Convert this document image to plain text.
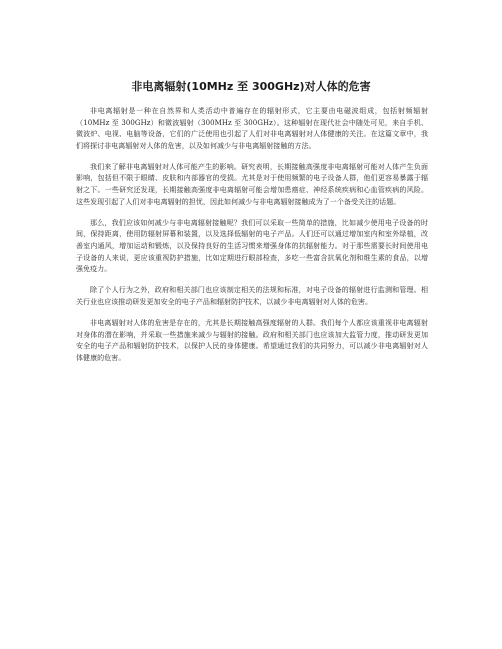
非电离辐射(10MHz 至 300GHz)对人体的危害

非电离辐射是一种在自然界和人类活动中普遍存在的辐射形式，它主要由电磁波组成，包括射频辐射（10MHz 至 300GHz）和微波辐射（300MHz 至 300GHz）。这种辐射在现代社会中随处可见，来自手机、微波炉、电视、电脑等设备，它们的广泛使用也引起了人们对非电离辐射对人体健康的关注。在这篇文章中，我们将探讨非电离辐射对人体的危害，以及如何减少与非电离辐射接触的方法。

我们来了解非电离辐射对人体可能产生的影响。研究表明，长期接触高强度非电离辐射可能对人体产生负面影响，包括但不限于眼睛、皮肤和内部器官的受损。尤其是对于使用频繁的电子设备人群，他们更容易暴露于辐射之下。一些研究还发现，长期接触高强度非电离辐射可能会增加患癌症、神经系统疾病和心血管疾病的风险。这些发现引起了人们对非电离辐射的担忧，因此如何减少与非电离辐射接触成为了一个备受关注的话题。

那么，我们应该如何减少与非电离辐射接触呢？我们可以采取一些简单的措施，比如减少使用电子设备的时间，保持距离，使用防辐射屏幕和装置，以及选择低辐射的电子产品。人们还可以通过增加室内和室外绿植，改善室内通风，增加运动和锻炼，以及保持良好的生活习惯来增强身体的抗辐射能力。对于那些需要长时间使用电子设备的人来说，更应该重视防护措施，比如定期进行眼部检查，多吃一些富含抗氧化剂和维生素的食品，以增强免疫力。

除了个人行为之外，政府和相关部门也应该制定相关的法规和标准，对电子设备的辐射进行监测和管理。相关行业也应该推动研发更加安全的电子产品和辐射防护技术，以减少非电离辐射对人体的危害。

非电离辐射对人体的危害是存在的，尤其是长期接触高强度辐射的人群。我们每个人都应该重视非电离辐射对身体的潜在影响，并采取一些措施来减少与辐射的接触。政府和相关部门也应该加大监管力度，推动研发更加安全的电子产品和辐射防护技术，以保护人民的身体健康。希望通过我们的共同努力，可以减少非电离辐射对人体健康的危害。
